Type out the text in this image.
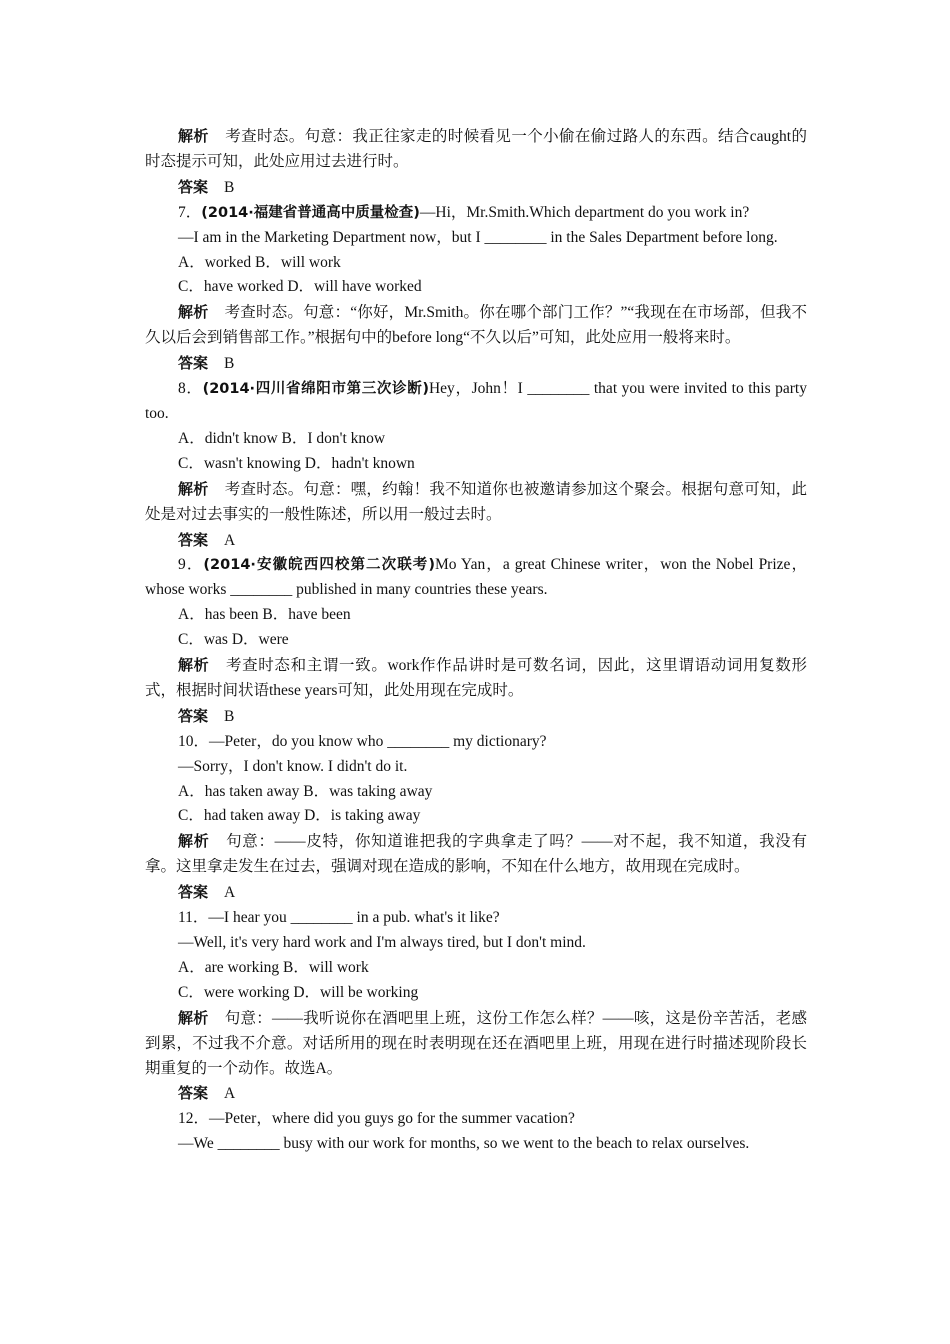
解析 考查时态。句意：我正往家走的时候看见一个小偷在偷过路人的东西。结合caught的时态提示可知，此处应用过去进行时。

答案 B

7．(2014·福建省普通高中质量检查)—Hi，Mr.Smith.Which department do you work in?

—I am in the Marketing Department now，but I ________ in the Sales Department before long.

A．worked B．will work

C．have worked D．will have worked

解析 考查时态。句意：“你好，Mr.Smith。你在哪个部门工作？”“我现在在市场部，但我不久以后会到销售部工作。”根据句中的before long“不久以后”可知，此处应用一般将来时。

答案 B

8．(2014·四川省绵阳市第三次诊断)Hey，John！I ________ that you were invited to this party too.

A．didn't know B．I don't know

C．wasn't knowing D．hadn't known

解析 考查时态。句意：嘿，约翰！我不知道你也被邀请参加这个聚会。根据句意可知，此处是对过去事实的一般性陈述，所以用一般过去时。

答案 A

9．(2014·安徽皖西四校第二次联考)Mo Yan，a great Chinese writer，won the Nobel Prize，whose works ________ published in many countries these years.

A．has been B．have been

C．was D．were

解析 考查时态和主谓一致。work作作品讲时是可数名词，因此，这里谓语动词用复数形式，根据时间状语these years可知，此处用现在完成时。

答案 B

10．—Peter，do you know who ________ my dictionary?

—Sorry，I don't know. I didn't do it.

A．has taken away B．was taking away

C．had taken away D．is taking away

解析 句意：——皮特，你知道谁把我的字典拿走了吗？——对不起，我不知道，我没有拿。这里拿走发生在过去，强调对现在造成的影响，不知在什么地方，故用现在完成时。

答案 A

11．—I hear you ________ in a pub. what's it like?

—Well, it's very hard work and I'm always tired, but I don't mind.

A．are working B．will work

C．were working D．will be working

解析 句意：——我听说你在酒吧里上班，这份工作怎么样？——咳，这是份辛苦活，老感到累，不过我不介意。对话所用的现在时表明现在还在酒吧里上班，用现在进行时描述现阶段长期重复的一个动作。故选A。

答案 A

12．—Peter，where did you guys go for the summer vacation?

—We ________ busy with our work for months, so we went to the beach to relax ourselves.
